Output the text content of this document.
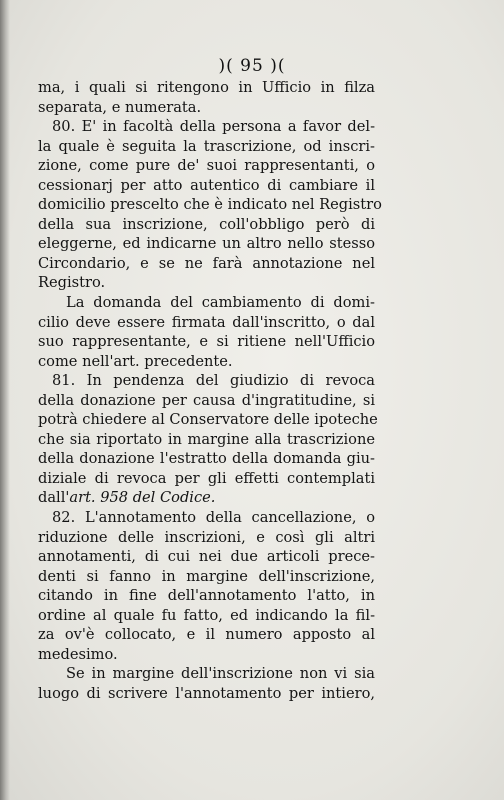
)( 95 )(
ma, i quali si ritengono in Ufficio in filza
separata, e numerata.
80. E' in facoltà della persona a favor del-
la quale è seguita la trascrizione, od inscri-
zione, come pure de' suoi rappresentanti, o
cessionarj per atto autentico di cambiare il
domicilio prescelto che è indicato nel Registro
della sua inscrizione, coll'obbligo però di
eleggerne, ed indicarne un altro nello stesso
Circondario, e se ne farà annotazione nel
Registro.
La domanda del cambiamento di domi-
cilio deve essere firmata dall'inscritto, o dal
suo rappresentante, e si ritiene nell'Ufficio
come nell'art. precedente.
81. In pendenza del giudizio di revoca
della donazione per causa d'ingratitudine, si
potrà chiedere al Conservatore delle ipoteche
che sia riportato in margine alla trascrizione
della donazione l'estratto della domanda giu-
diziale di revoca per gli effetti contemplati
dall'art. 958 del Codice.
82. L'annotamento della cancellazione, o
riduzione delle inscrizioni, e così gli altri
annotamenti, di cui nei due articoli prece-
denti si fanno in margine dell'inscrizione,
citando in fine dell'annotamento l'atto, in
ordine al quale fu fatto, ed indicando la fil-
za ov'è collocato, e il numero apposto al
medesimo.
Se in margine dell'inscrizione non vi sia
luogo di scrivere l'annotamento per intiero,
